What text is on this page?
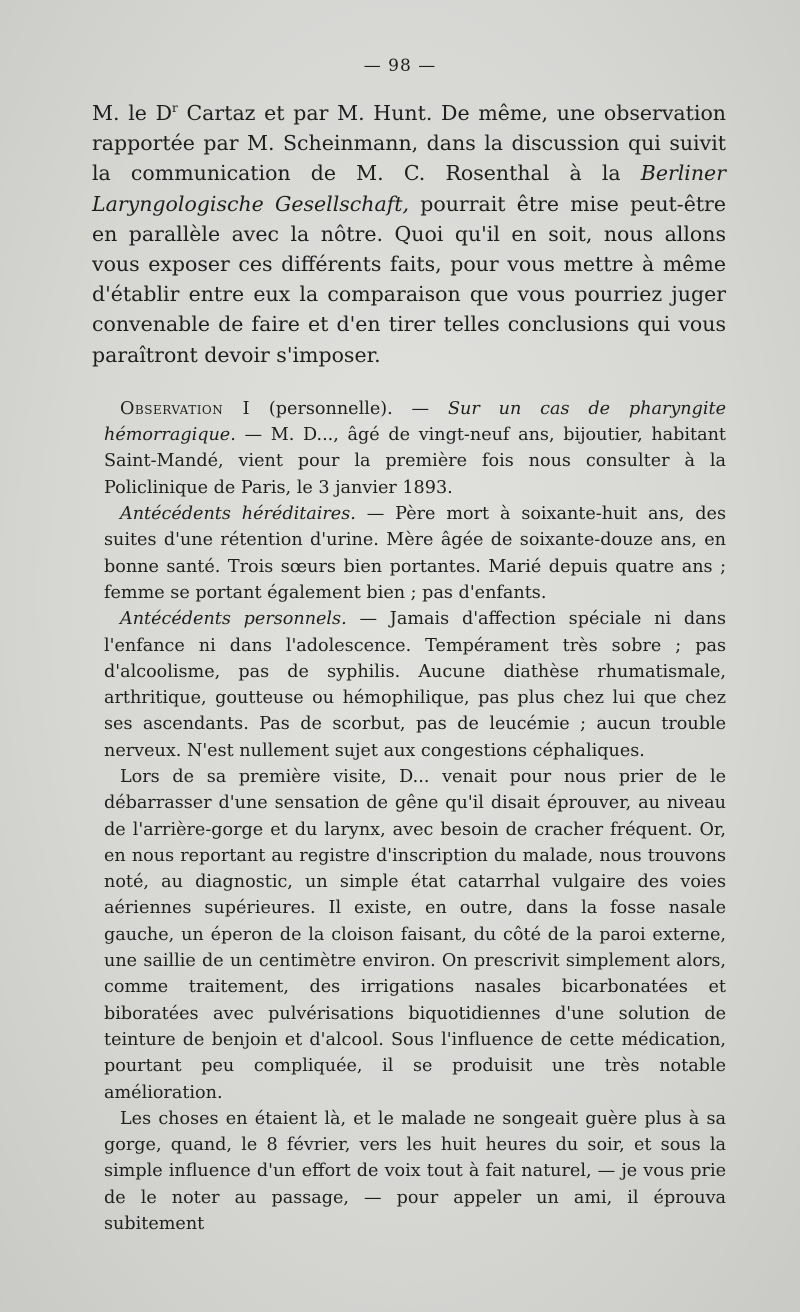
— 98 —

M. le $D^r$ Cartaz et par M. Hunt. De même, une observation rapportée par M. Scheinmann, dans la discussion qui suivit la communication de M. C. Rosenthal à la Berliner Laryngologische Gesellschaft, pourrait être mise peut-être en parallèle avec la nôtre. Quoi qu'il en soit, nous allons vous exposer ces différents faits, pour vous mettre à même d'établir entre eux la comparaison que vous pourriez juger convenable de faire et d'en tirer telles conclusions qui vous paraîtront devoir s'imposer.

Observation I (personnelle). — Sur un cas de pharyngite hémorragique. — M. D..., âgé de vingt-neuf ans, bijoutier, habitant Saint-Mandé, vient pour la première fois nous consulter à la Policlinique de Paris, le 3 janvier 1893.

Antécédents héréditaires. — Père mort à soixante-huit ans, des suites d'une rétention d'urine. Mère âgée de soixante-douze ans, en bonne santé. Trois sœurs bien portantes. Marié depuis quatre ans ; femme se portant également bien ; pas d'enfants.

Antécédents personnels. — Jamais d'affection spéciale ni dans l'enfance ni dans l'adolescence. Tempérament très sobre ; pas d'alcoolisme, pas de syphilis. Aucune diathèse rhumatismale, arthritique, goutteuse ou hémophilique, pas plus chez lui que chez ses ascendants. Pas de scorbut, pas de leucémie ; aucun trouble nerveux. N'est nullement sujet aux congestions céphaliques.

Lors de sa première visite, D... venait pour nous prier de le débarrasser d'une sensation de gêne qu'il disait éprouver, au niveau de l'arrière-gorge et du larynx, avec besoin de cracher fréquent. Or, en nous reportant au registre d'inscription du malade, nous trouvons noté, au diagnostic, un simple état catarrhal vulgaire des voies aériennes supérieures. Il existe, en outre, dans la fosse nasale gauche, un éperon de la cloison faisant, du côté de la paroi externe, une saillie de un centimètre environ. On prescrivit simplement alors, comme traitement, des irrigations nasales bicarbonatées et biboratées avec pulvérisations biquotidiennes d'une solution de teinture de benjoin et d'alcool. Sous l'influence de cette médication, pourtant peu compliquée, il se produisit une très notable amélioration.

Les choses en étaient là, et le malade ne songeait guère plus à sa gorge, quand, le 8 février, vers les huit heures du soir, et sous la simple influence d'un effort de voix tout à fait naturel, — je vous prie de le noter au passage, — pour appeler un ami, il éprouva subitement
